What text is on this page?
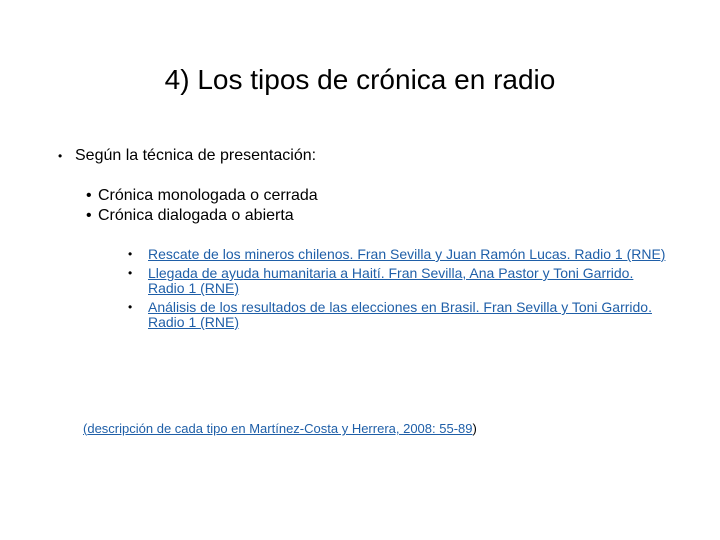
4) Los tipos de crónica en radio
• Según la técnica de presentación:
• Crónica monologada o cerrada
• Crónica dialogada o abierta
•	Rescate de los mineros chilenos. Fran Sevilla y Juan Ramón Lucas. Radio 1 (RNE)
•	Llegada de ayuda humanitaria a Haití. Fran Sevilla, Ana Pastor y Toni Garrido. Radio 1 (RNE)
•	Análisis de los resultados de las elecciones en Brasil. Fran Sevilla y Toni Garrido. Radio 1 (RNE)
(descripción de cada tipo en Martínez-Costa y Herrera, 2008: 55-89)
